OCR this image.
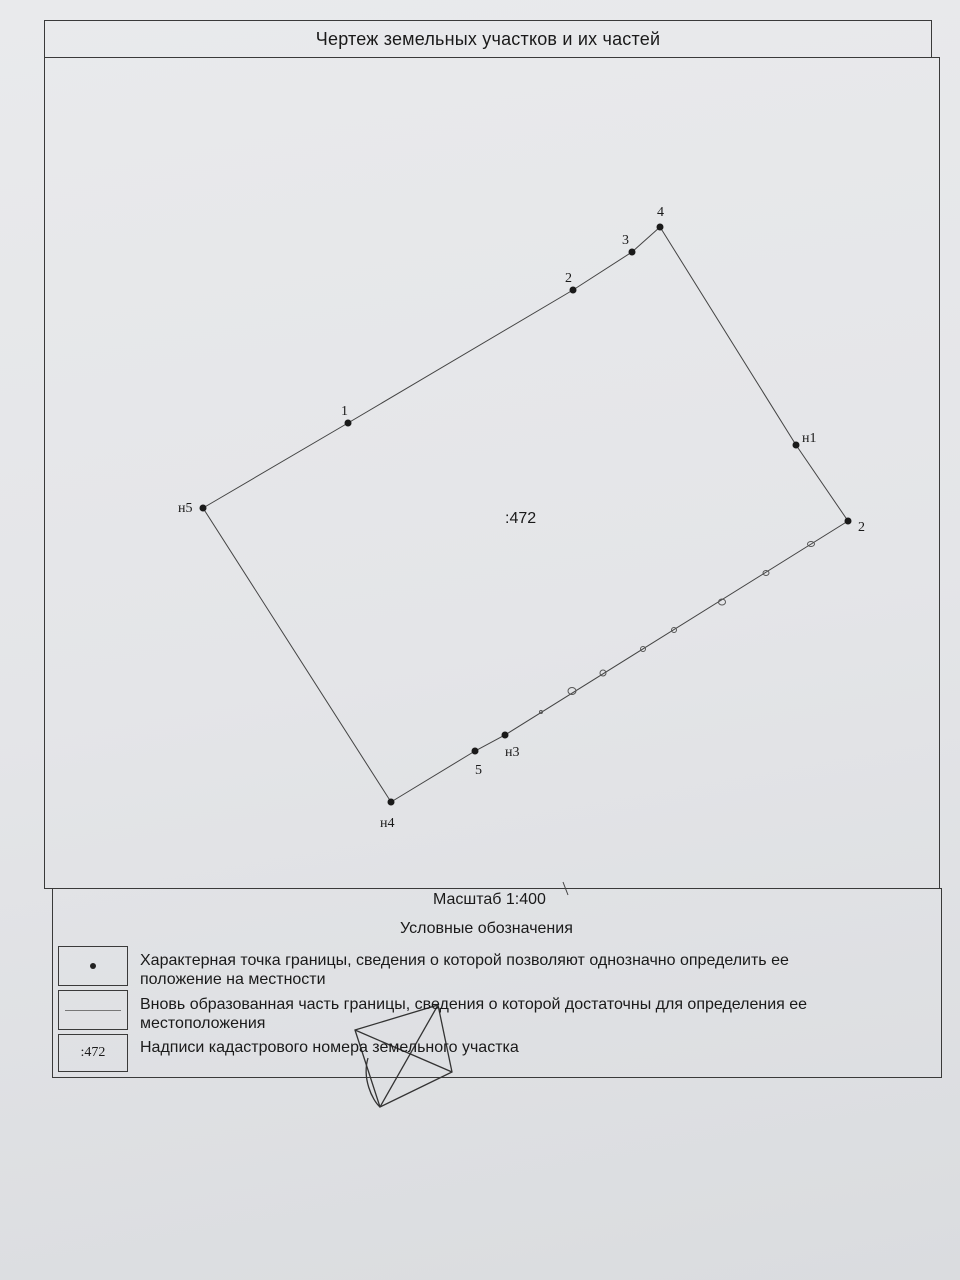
Чертеж земельных участков и их частей
н5
1
2
3
4
н1
2
н3
5
н4
:472
Масштаб 1:400
Условные обозначения
Характерная точка границы, сведения о которой позволяют однозначно определить ее
положение на местности
Вновь образованная часть границы, сведения о которой достаточны для определения ее
местоположения
:472 Надписи кадастрового номера земельного участка
